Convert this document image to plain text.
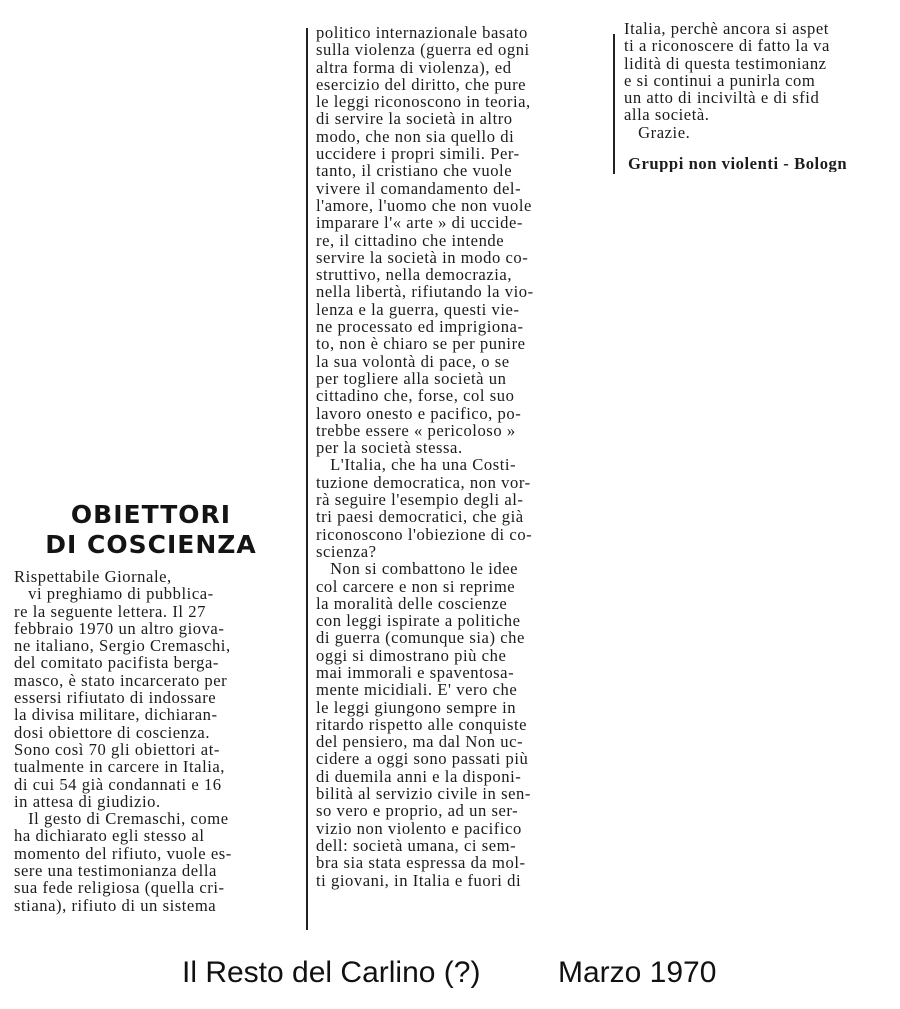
OBIETTORI
DI COSCIENZA
Rispettabile Giornale,
vi preghiamo di pubblica-
re la seguente lettera. Il 27
febbraio 1970 un altro giova-
ne italiano, Sergio Cremaschi,
del comitato pacifista berga-
masco, è stato incarcerato per
essersi rifiutato di indossare
la divisa militare, dichiaran-
dosi obiettore di coscienza.
Sono così 70 gli obiettori at-
tualmente in carcere in Italia,
di cui 54 già condannati e 16
in attesa di giudizio.
Il gesto di Cremaschi, come
ha dichiarato egli stesso al
momento del rifiuto, vuole es-
sere una testimonianza della
sua fede religiosa (quella cri-
stiana), rifiuto di un sistema
politico internazionale basato
sulla violenza (guerra ed ogni
altra forma di violenza), ed
esercizio del diritto, che pure
le leggi riconoscono in teoria,
di servire la società in altro
modo, che non sia quello di
uccidere i propri simili. Per-
tanto, il cristiano che vuole
vivere il comandamento del-
l'amore, l'uomo che non vuole
imparare l'« arte » di uccide-
re, il cittadino che intende
servire la società in modo co-
struttivo, nella democrazia,
nella libertà, rifiutando la vio-
lenza e la guerra, questi vie-
ne processato ed imprigiona-
to, non è chiaro se per punire
la sua volontà di pace, o se
per togliere alla società un
cittadino che, forse, col suo
lavoro onesto e pacifico, po-
trebbe essere « pericoloso »
per la società stessa.
L'Italia, che ha una Costi-
tuzione democratica, non vor-
rà seguire l'esempio degli al-
tri paesi democratici, che già
riconoscono l'obiezione di co-
scienza?
Non si combattono le idee
col carcere e non si reprime
la moralità delle coscienze
con leggi ispirate a politiche
di guerra (comunque sia) che
oggi si dimostrano più che
mai immorali e spaventosa-
mente micidiali. E' vero che
le leggi giungono sempre in
ritardo rispetto alle conquiste
del pensiero, ma dal Non uc-
cidere a oggi sono passati più
di duemila anni e la disponi-
bilità al servizio civile in sen-
so vero e proprio, ad un ser-
vizio non violento e pacifico
dell: società umana, ci sem-
bra sia stata espressa da mol-
ti giovani, in Italia e fuori di
Italia, perchè ancora si aspet
ti a riconoscere di fatto la va
lidità di questa testimonianz
e si continui a punirla com
un atto di inciviltà e di sfid
alla società.
Grazie.
Gruppi non violenti - Bologn
Il Resto del Carlino (?)	Marzo 1970
